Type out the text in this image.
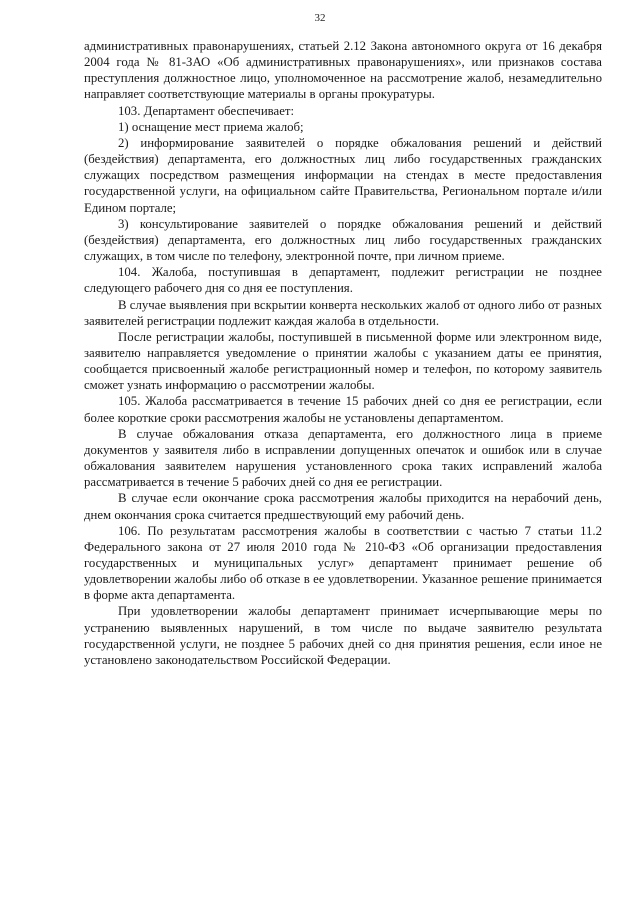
32

административных правонарушениях, статьей 2.12 Закона автономного округа от 16 декабря 2004 года № 81-ЗАО «Об административных правонарушениях», или признаков состава преступления должностное лицо, уполномоченное на рассмотрение жалоб, незамедлительно направляет соответствующие материалы в органы прокуратуры.

103. Департамент обеспечивает:

1) оснащение мест приема жалоб;

2) информирование заявителей о порядке обжалования решений и действий (бездействия) департамента, его должностных лиц либо государственных гражданских служащих посредством размещения информации на стендах в месте предоставления государственной услуги, на официальном сайте Правительства, Региональном портале и/или Едином портале;

3) консультирование заявителей о порядке обжалования решений и действий (бездействия) департамента, его должностных лиц либо государственных гражданских служащих, в том числе по телефону, электронной почте, при личном приеме.

104. Жалоба, поступившая в департамент, подлежит регистрации не позднее следующего рабочего дня со дня ее поступления.

В случае выявления при вскрытии конверта нескольких жалоб от одного либо от разных заявителей регистрации подлежит каждая жалоба в отдельности.

После регистрации жалобы, поступившей в письменной форме или электронном виде, заявителю направляется уведомление о принятии жалобы с указанием даты ее принятия, сообщается присвоенный жалобе регистрационный номер и телефон, по которому заявитель сможет узнать информацию о рассмотрении жалобы.

105. Жалоба рассматривается в течение 15 рабочих дней со дня ее регистрации, если более короткие сроки рассмотрения жалобы не установлены департаментом.

В случае обжалования отказа департамента, его должностного лица в приеме документов у заявителя либо в исправлении допущенных опечаток и ошибок или в случае обжалования заявителем нарушения установленного срока таких исправлений жалоба рассматривается в течение 5 рабочих дней со дня ее регистрации.

В случае если окончание срока рассмотрения жалобы приходится на нерабочий день, днем окончания срока считается предшествующий ему рабочий день.

106. По результатам рассмотрения жалобы в соответствии с частью 7 статьи 11.2 Федерального закона от 27 июля 2010 года № 210-ФЗ «Об организации предоставления государственных и муниципальных услуг» департамент принимает решение об удовлетворении жалобы либо об отказе в ее удовлетворении. Указанное решение принимается в форме акта департамента.

При удовлетворении жалобы департамент принимает исчерпывающие меры по устранению выявленных нарушений, в том числе по выдаче заявителю результата государственной услуги, не позднее 5 рабочих дней со дня принятия решения, если иное не установлено законодательством Российской Федерации.
